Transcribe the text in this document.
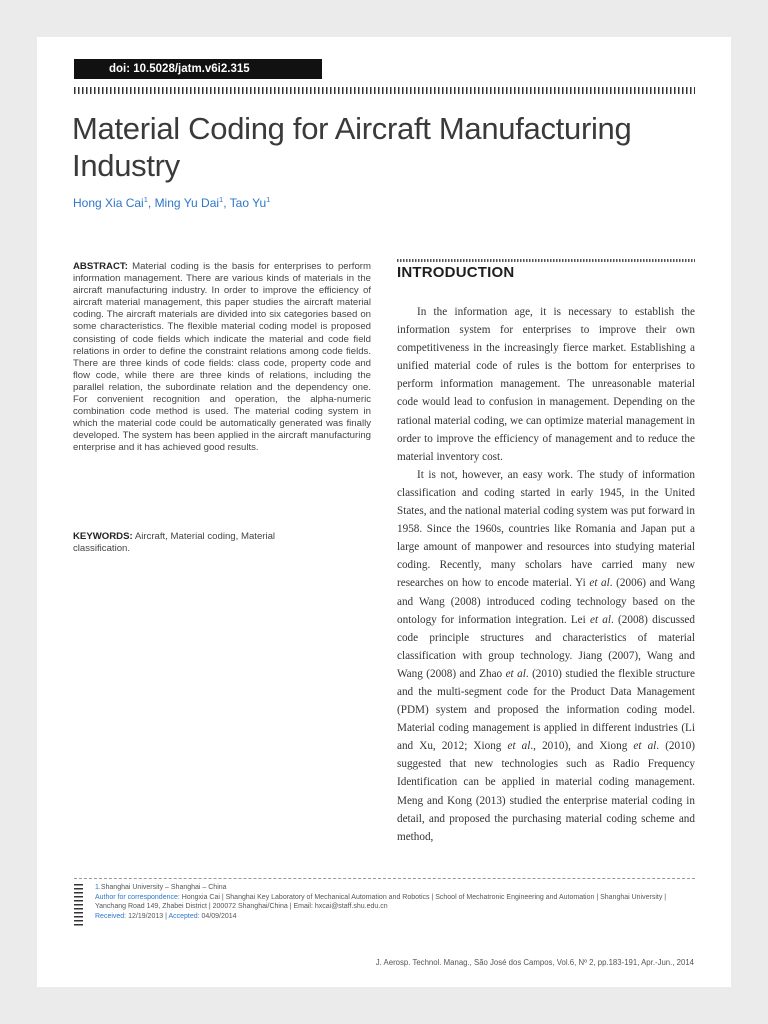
doi: 10.5028/jatm.v6i2.315
Material Coding for Aircraft Manufacturing Industry
Hong Xia Cai$^1$, Ming Yu Dai$^1$, Tao Yu$^1$

ABSTRACT: Material coding is the basis for enterprises to perform information management. There are various kinds of materials in the aircraft manufacturing industry. In order to improve the efficiency of aircraft material management, this paper studies the aircraft material coding. The aircraft materials are divided into six categories based on some characteristics. The flexible material coding model is proposed consisting of code fields which indicate the material and code field relations in order to define the constraint relations among code fields. There are three kinds of code fields: class code, property code and flow code, while there are three kinds of relations, including the parallel relation, the subordinate relation and the dependency one. For convenient recognition and operation, the alpha-numeric combination code method is used. The material coding system in which the material code could be automatically generated was finally developed. The system has been applied in the aircraft manufacturing enterprise and it has achieved good results.

KEYWORDS: Aircraft, Material coding, Material classification.

INTRODUCTION

In the information age, it is necessary to establish the information system for enterprises to improve their own competitiveness in the increasingly fierce market. Establishing a unified material code of rules is the bottom for enterprises to perform information management. The unreasonable material code would lead to confusion in management. Depending on the rational material coding, we can optimize material management in order to improve the efficiency of management and to reduce the material inventory cost.

It is not, however, an easy work. The study of information classification and coding started in early 1945, in the United States, and the national material coding system was put forward in 1958. Since the 1960s, countries like Romania and Japan put a large amount of manpower and resources into studying material coding. Recently, many scholars have carried many new researches on how to encode material. Yi et al. (2006) and Wang and Wang (2008) introduced coding technology based on the ontology for information integration. Lei et al. (2008) discussed code principle structures and characteristics of material classification with group technology. Jiang (2007), Wang and Wang (2008) and Zhao et al. (2010) studied the flexible structure and the multi-segment code for the Product Data Management (PDM) system and proposed the information coding model. Material coding management is applied in different industries (Li and Xu, 2012; Xiong et al., 2010), and Xiong et al. (2010) suggested that new technologies such as Radio Frequency Identification can be applied in material coding management. Meng and Kong (2013) studied the enterprise material coding in detail, and proposed the purchasing material coding scheme and method,

1.Shanghai University – Shanghai – China
Author for correspondence: Hongxia Cai | Shanghai Key Laboratory of Mechanical Automation and Robotics | School of Mechatronic Engineering and Automation | Shanghai University | Yanchang Road 149, Zhabei District | 200072 Shanghai/China | Email: hxcai@staff.shu.edu.cn
Received: 12/19/2013 | Accepted: 04/09/2014
J. Aerosp. Technol. Manag., São José dos Campos, Vol.6, Nº 2, pp.183-191, Apr.-Jun., 2014
